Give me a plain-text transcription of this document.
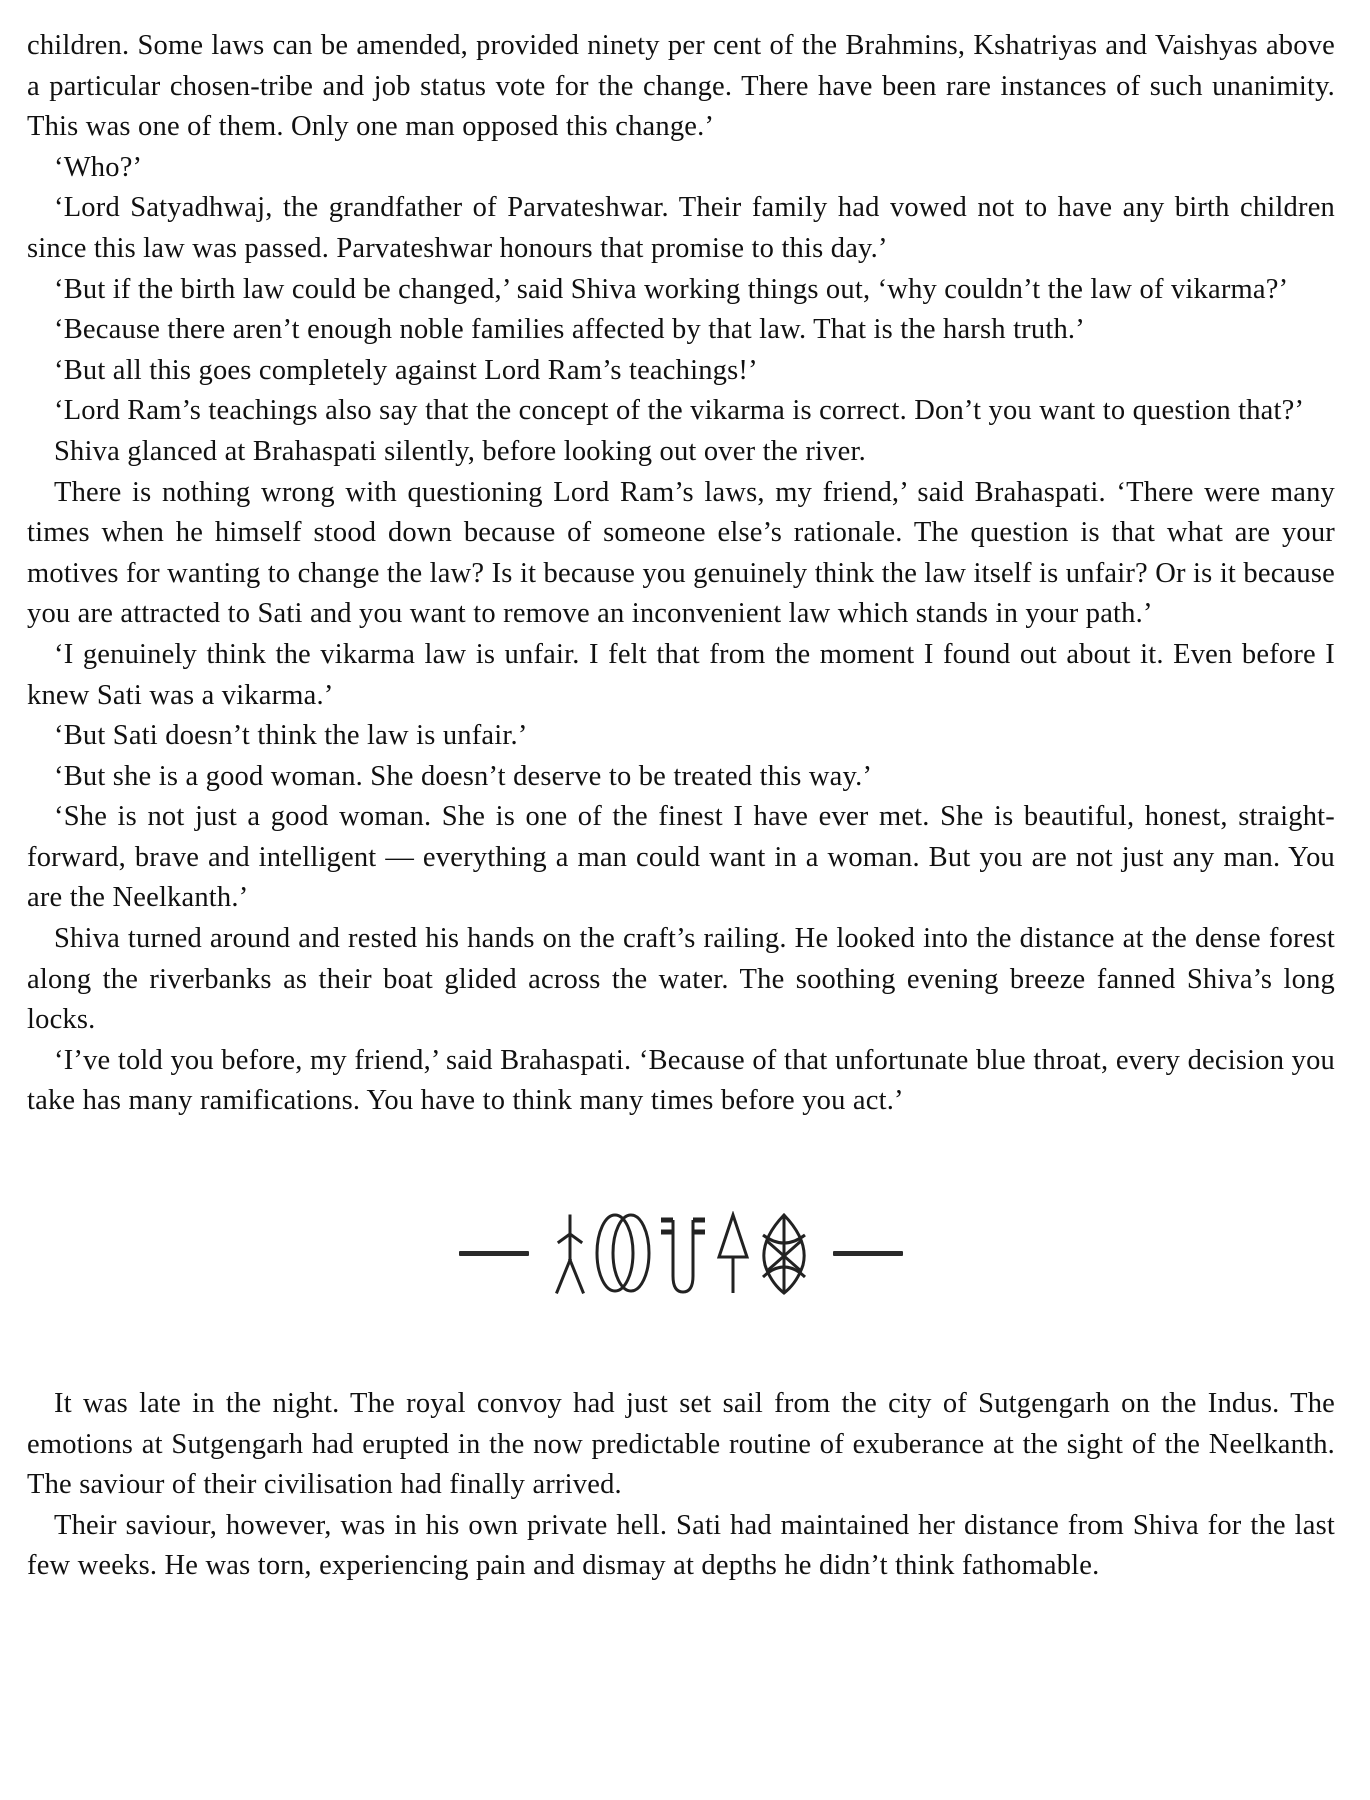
children. Some laws can be amended, provided ninety per cent of the Brahmins, Kshatriyas and Vaishyas above a particular chosen-tribe and job status vote for the change. There have been rare instances of such unanimity. This was one of them. Only one man opposed this change.’

‘Who?’

‘Lord Satyadhwaj, the grandfather of Parvateshwar. Their family had vowed not to have any birth children since this law was passed. Parvateshwar honours that promise to this day.’

‘But if the birth law could be changed,’ said Shiva working things out, ‘why couldn’t the law of vikarma?’

‘Because there aren’t enough noble families affected by that law. That is the harsh truth.’

‘But all this goes completely against Lord Ram’s teachings!’

‘Lord Ram’s teachings also say that the concept of the vikarma is correct. Don’t you want to question that?’

Shiva glanced at Brahaspati silently, before looking out over the river.

There is nothing wrong with questioning Lord Ram’s laws, my friend,’ said Brahaspati. ‘There were many times when he himself stood down because of someone else’s rationale. The question is that what are your motives for wanting to change the law? Is it because you genuinely think the law itself is unfair? Or is it because you are attracted to Sati and you want to remove an inconvenient law which stands in your path.’

‘I genuinely think the vikarma law is unfair. I felt that from the moment I found out about it. Even before I knew Sati was a vikarma.’

‘But Sati doesn’t think the law is unfair.’

‘But she is a good woman. She doesn’t deserve to be treated this way.’

‘She is not just a good woman. She is one of the finest I have ever met. She is beautiful, honest, straight-forward, brave and intelligent — everything a man could want in a woman. But you are not just any man. You are the Neelkanth.’

Shiva turned around and rested his hands on the craft’s railing. He looked into the distance at the dense forest along the riverbanks as their boat glided across the water. The soothing evening breeze fanned Shiva’s long locks.

‘I’ve told you before, my friend,’ said Brahaspati. ‘Because of that unfortunate blue throat, every decision you take has many ramifications. You have to think many times before you act.’

It was late in the night. The royal convoy had just set sail from the city of Sutgengarh on the Indus. The emotions at Sutgengarh had erupted in the now predictable routine of exuberance at the sight of the Neelkanth. The saviour of their civilisation had finally arrived.

Their saviour, however, was in his own private hell. Sati had maintained her distance from Shiva for the last few weeks. He was torn, experiencing pain and dismay at depths he didn’t think fathomable.
